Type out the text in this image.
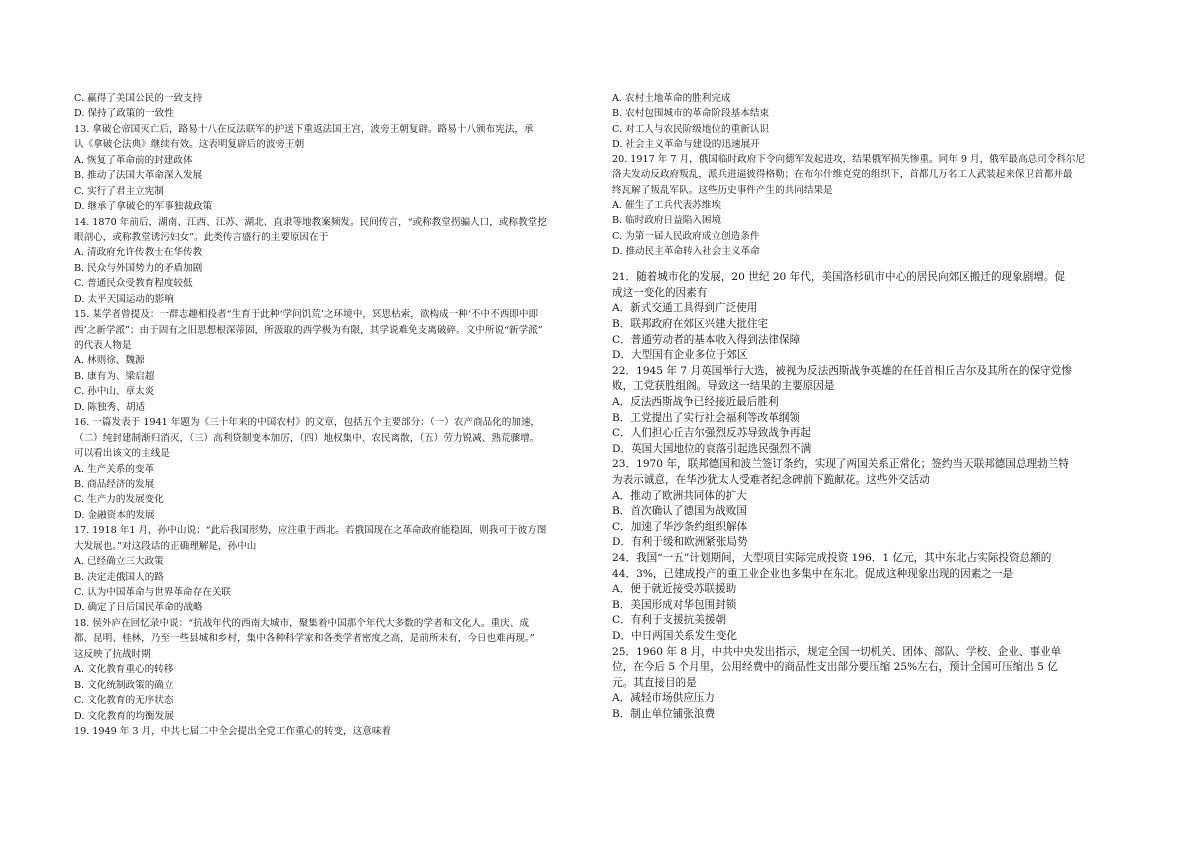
C. 赢得了美国公民的一致支持
D. 保持了政策的一致性
13. 拿破仑帝国灭亡后，路易十八在反法联军的护送下重返法国王宫，波旁王朝复辟。路易十八颁布宪法，承
认《拿破仑法典》继续有效。这表明复辟后的波旁王朝
A. 恢复了革命前的封建政体
B. 推动了法国大革命深入发展
C. 实行了君主立宪制
D. 继承了拿破仑的军事独裁政策
14. 1870 年前后，湖南、江西、江苏、湖北、直隶等地教案频发。民间传言，“或称教堂拐骗人口，或称教堂挖
眼剖心，或称教堂诱污妇女”。此类传言盛行的主要原因在于
A. 清政府允许传教士在华传教
B. 民众与外国势力的矛盾加剧
C. 普通民众受教育程度较低
D. 太平天国运动的影响
15. 某学者曾提及：一群志趣相投者“生育于此种‘学问饥荒’之环境中，冥思枯索，欲构成一种‘不中不西即中即
西’之新学派”；由于固有之旧思想根深蒂固，所汲取的西学极为有限，其学说难免支离破碎。文中所说“新学派”
的代表人物是
A. 林则徐、魏源
B. 康有为、梁启超
C. 孙中山、章太炎
D. 陈独秀、胡适
16. 一篇发表于 1941 年题为《三十年来的中国农村》的文章，包括五个主要部分：（一）农产商品化的加速，
（二）纯封建制渐归消灭，（三）高利贷制变本加厉，（四）地权集中、农民离散，（五）劳力锐减、熟荒骤增。
可以看出该文的主线是
A. 生产关系的变革
B. 商品经济的发展
C. 生产力的发展变化
D. 金融资本的发展
17. 1918 年1 月，孙中山说：“此后我国形势，应注重于西北。若俄国现在之革命政府能稳固，则我可于彼方图
大发展也。”对这段话的正确理解是，孙中山
A. 已经确立三大政策
B. 决定走俄国人的路
C. 认为中国革命与世界革命存在关联
D. 确定了日后国民革命的战略
18. 侯外庐在回忆录中说：“抗战年代的西南大城市，聚集着中国那个年代大多数的学者和文化人。重庆、成
都、昆明、桂林，乃至一些县城和乡村，集中各种科学家和各类学者密度之高，是前所未有，今日也难再现。”
这反映了抗战时期
A. 文化教育重心的转移
B. 文化统制政策的确立
C. 文化教育的无序状态
D. 文化教育的均衡发展
19. 1949 年 3 月，中共七届二中全会提出全党工作重心的转变，这意味着
A. 农村土地革命的胜利完成
B. 农村包围城市的革命阶段基本结束
C. 对工人与农民阶级地位的重新认识
D. 社会主义革命与建设的迅速展开
20. 1917 年 7 月，俄国临时政府下令向德军发起进攻，结果俄军损失惨重。同年 9 月，俄军最高总司令科尔尼
洛夫发动反政府叛乱，派兵进逼彼得格勒；在布尔什维克党的组织下，首都几万名工人武装起来保卫首都并最
终瓦解了叛乱军队。这些历史事件产生的共同结果是
A. 催生了工兵代表苏维埃
B. 临时政府日益陷入困境
C. 为第一届人民政府成立创造条件
D. 推动民主革命转入社会主义革命
21．随着城市化的发展，20 世纪 20 年代，美国洛杉矶市中心的居民向郊区搬迁的现象剧增。促
成这一变化的因素有
A．新式交通工具得到广泛使用
B．联邦政府在郊区兴建大批住宅
C．普通劳动者的基本收入得到法律保障
D．大型国有企业多位于郊区
22．1945 年 7 月英国举行大选，被视为反法西斯战争英雄的在任首相丘吉尔及其所在的保守党惨
败，工党获胜组阁。导致这一结果的主要原因是
A．反法西斯战争已经接近最后胜利
B．工党提出了实行社会福利等改革纲领
C．人们担心丘吉尔强烈反苏导致战争再起
D．英国大国地位的衰落引起选民强烈不满
23．1970 年，联邦德国和波兰签订条约，实现了两国关系正常化；签约当天联邦德国总理勃兰特
为表示诚意，在华沙犹太人受难者纪念碑前下跪献花。这些外交活动
A．推动了欧洲共同体的扩大
B．首次确认了德国为战败国
C．加速了华沙条约组织解体
D．有利于缓和欧洲紧张局势
24．我国“一五”计划期间，大型项目实际完成投资 196．1 亿元，其中东北占实际投资总额的
44．3%，已建成投产的重工业企业也多集中在东北。促成这种现象出现的因素之一是
A．便于就近接受苏联援助
B．美国形成对华包围封锁
C．有利于支援抗美援朝
D．中日两国关系发生变化
25．1960 年 8 月，中共中央发出指示，规定全国一切机关、团体、部队、学校、企业、事业单
位，在今后 5 个月里，公用经费中的商品性支出部分要压缩 25%左右，预计全国可压缩出 5 亿
元。其直接目的是
A．减轻市场供应压力
B．制止单位铺张浪费
